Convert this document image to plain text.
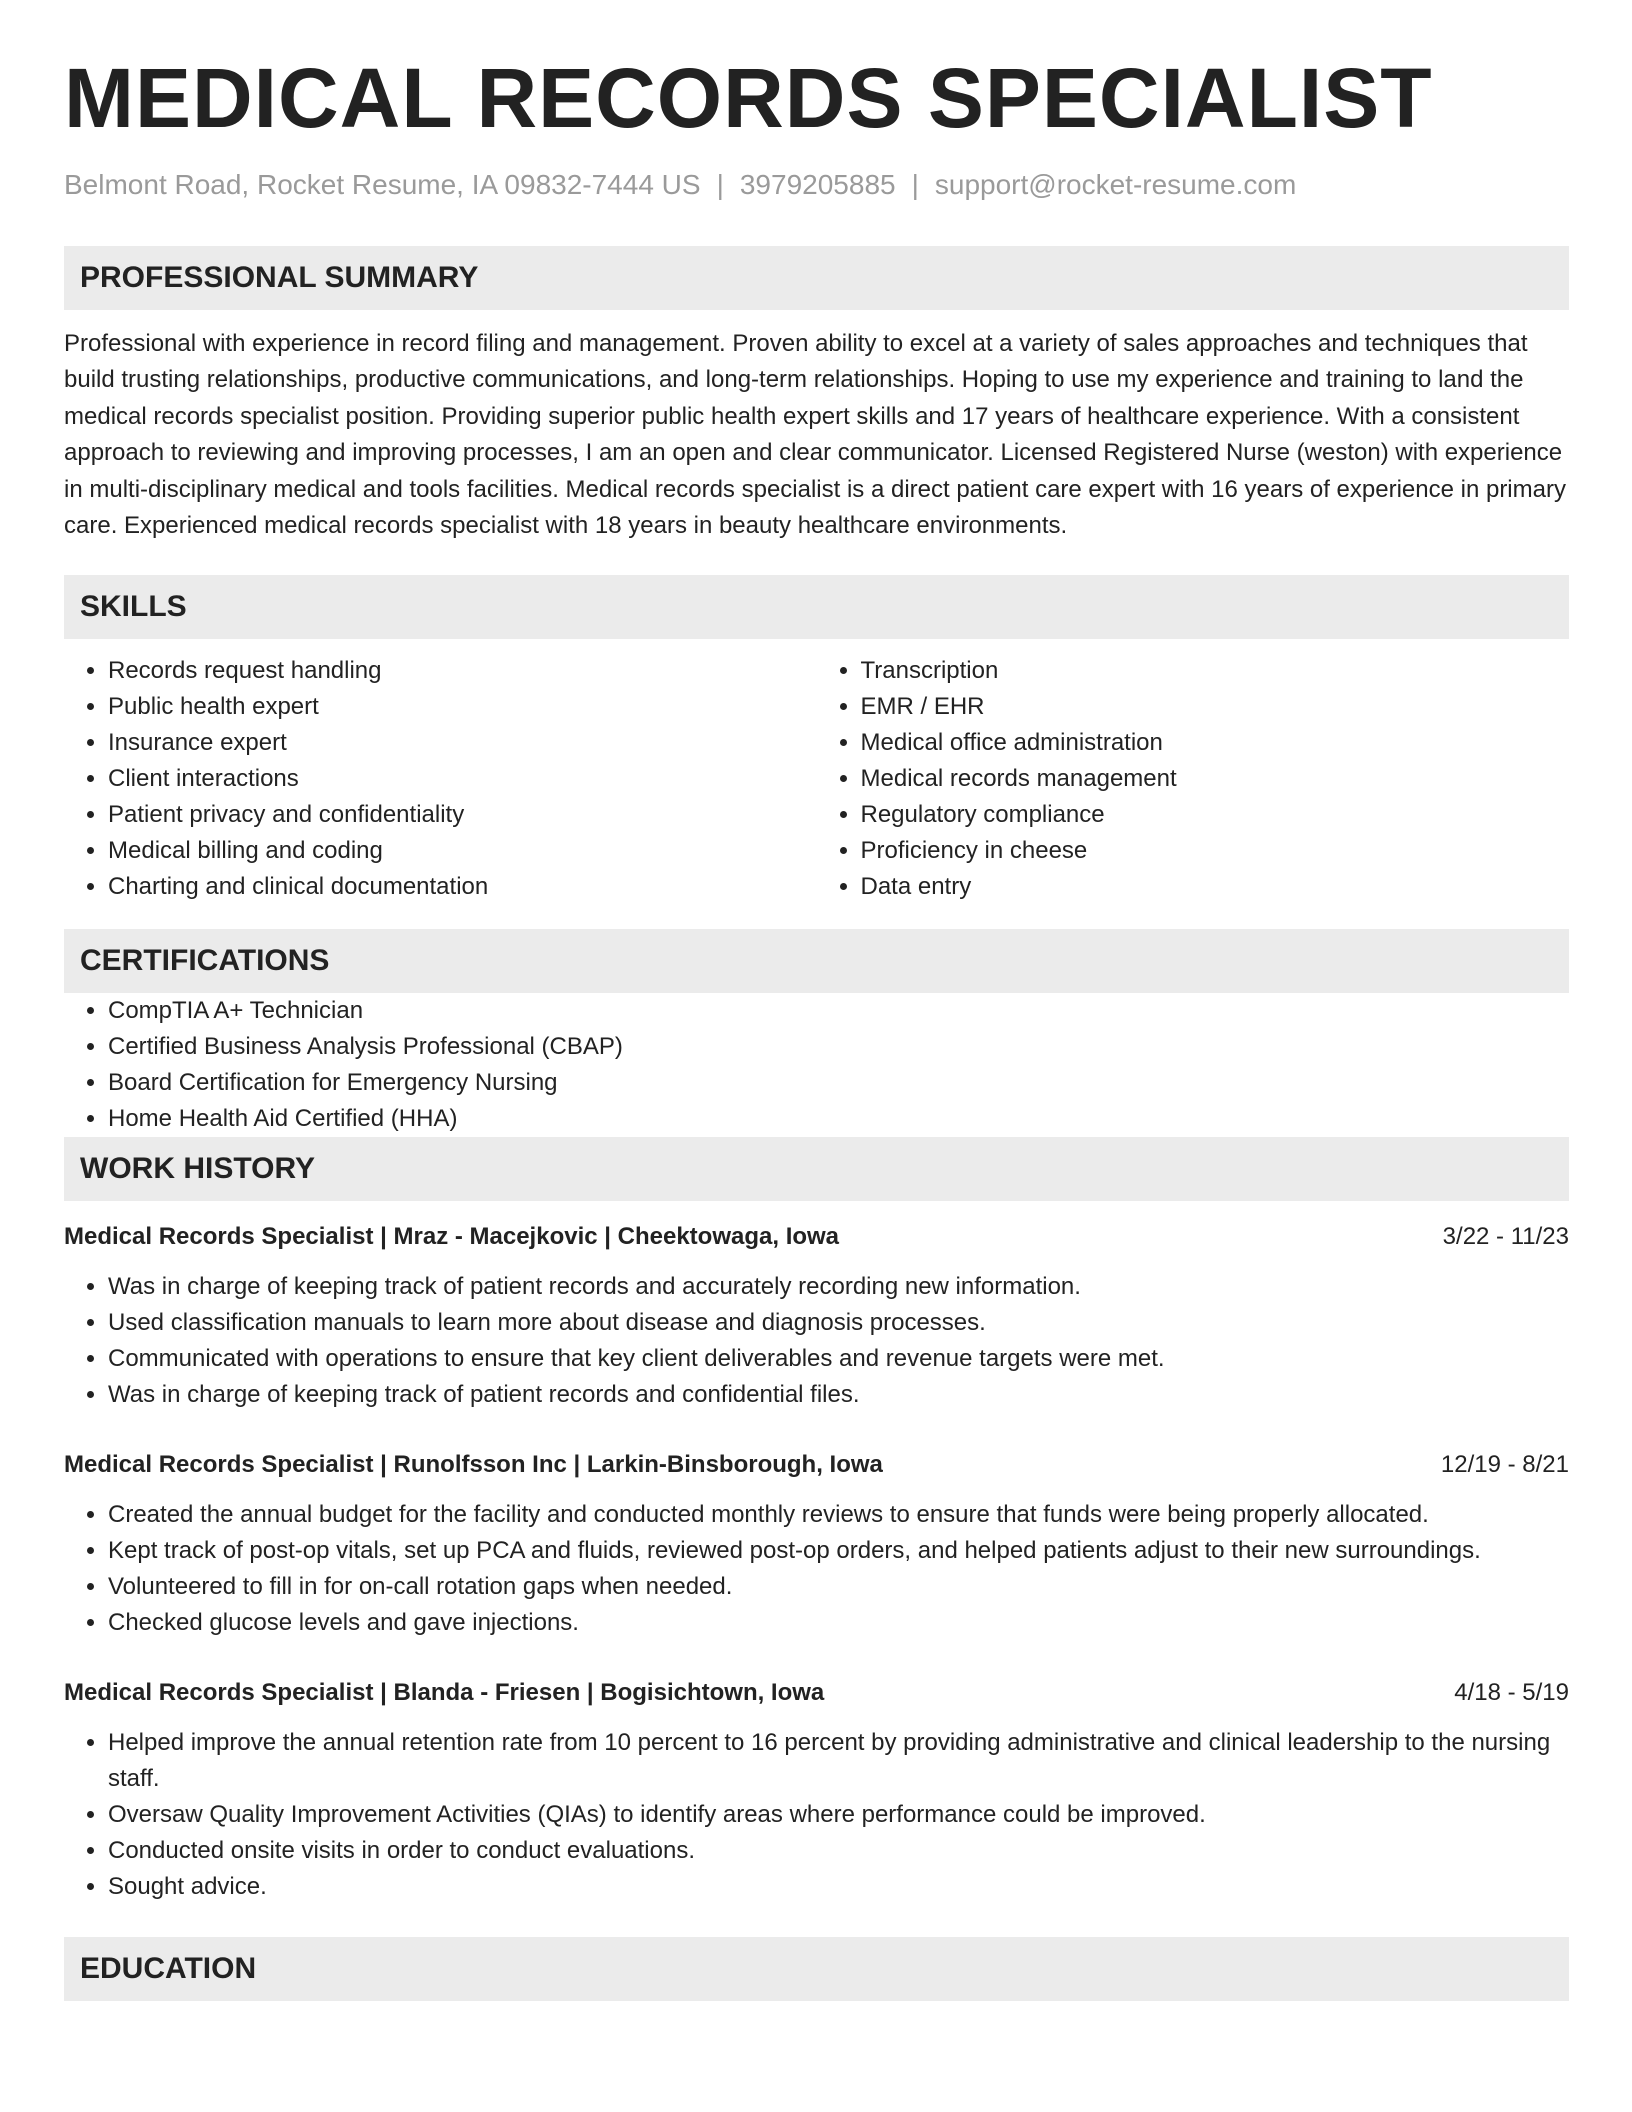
MEDICAL RECORDS SPECIALIST
Belmont Road, Rocket Resume, IA 09832-7444 US | 3979205885 | support@rocket-resume.com
PROFESSIONAL SUMMARY

Professional with experience in record filing and management. Proven ability to excel at a variety of sales approaches and techniques that build trusting relationships, productive communications, and long-term relationships. Hoping to use my experience and training to land the medical records specialist position. Providing superior public health expert skills and 17 years of healthcare experience. With a consistent approach to reviewing and improving processes, I am an open and clear communicator. Licensed Registered Nurse (weston) with experience in multi-disciplinary medical and tools facilities. Medical records specialist is a direct patient care expert with 16 years of experience in primary care. Experienced medical records specialist with 18 years in beauty healthcare environments.

SKILLS
• Records request handling
• Public health expert
• Insurance expert
• Client interactions
• Patient privacy and confidentiality
• Medical billing and coding
• Charting and clinical documentation
• Transcription
• EMR / EHR
• Medical office administration
• Medical records management
• Regulatory compliance
• Proficiency in cheese
• Data entry
CERTIFICATIONS
• CompTIA A+ Technician
• Certified Business Analysis Professional (CBAP)
• Board Certification for Emergency Nursing
• Home Health Aid Certified (HHA)
WORK HISTORY
Medical Records Specialist | Mraz - Macejkovic | Cheektowaga, Iowa	3/22 - 11/23
• Was in charge of keeping track of patient records and accurately recording new information.
• Used classification manuals to learn more about disease and diagnosis processes.
• Communicated with operations to ensure that key client deliverables and revenue targets were met.
• Was in charge of keeping track of patient records and confidential files.
Medical Records Specialist | Runolfsson Inc | Larkin-Binsborough, Iowa	12/19 - 8/21
• Created the annual budget for the facility and conducted monthly reviews to ensure that funds were being properly allocated.
• Kept track of post-op vitals, set up PCA and fluids, reviewed post-op orders, and helped patients adjust to their new surroundings.
• Volunteered to fill in for on-call rotation gaps when needed.
• Checked glucose levels and gave injections.
Medical Records Specialist | Blanda - Friesen | Bogisichtown, Iowa	4/18 - 5/19
• Helped improve the annual retention rate from 10 percent to 16 percent by providing administrative and clinical leadership to the nursing staff.
• Oversaw Quality Improvement Activities (QIAs) to identify areas where performance could be improved.
• Conducted onsite visits in order to conduct evaluations.
• Sought advice.
EDUCATION
